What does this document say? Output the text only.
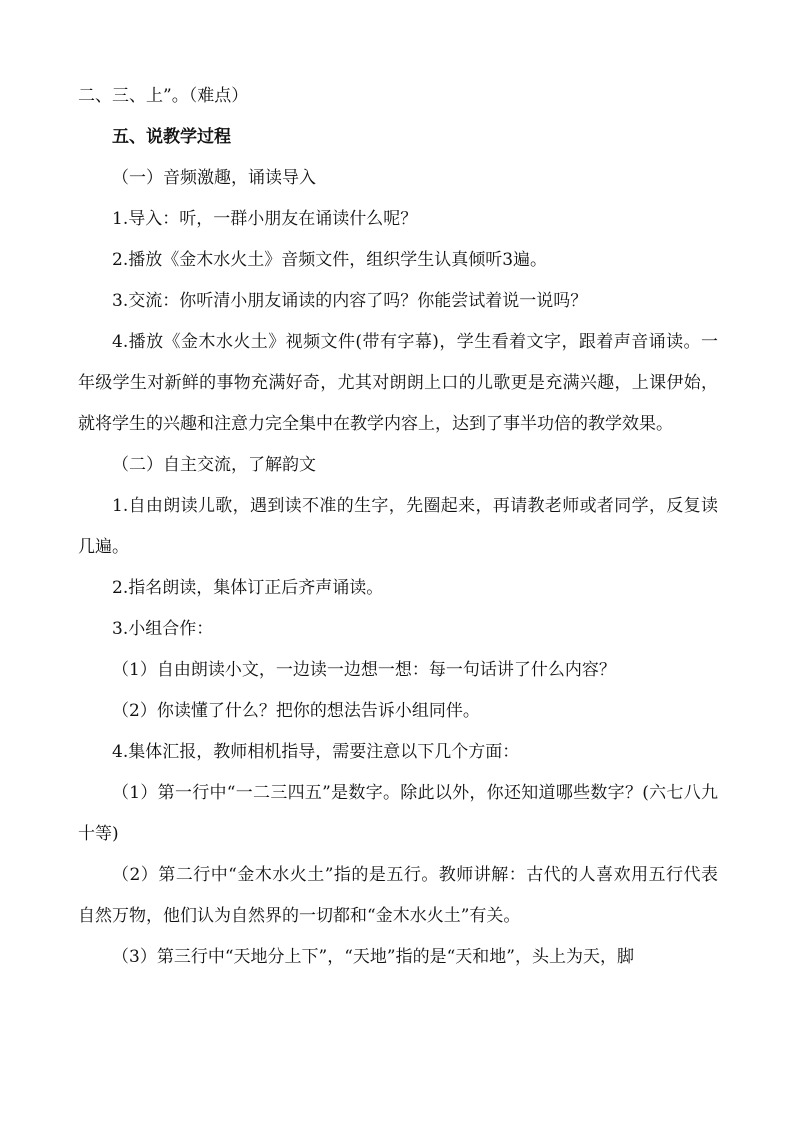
二、三、上”。（难点）

五、说教学过程

（一）音频激趣，诵读导入

1.导入：听，一群小朋友在诵读什么呢？

2.播放《金木水火土》音频文件，组织学生认真倾听3遍。

3.交流：你听清小朋友诵读的内容了吗？你能尝试着说一说吗？

4.播放《金木水火土》视频文件(带有字幕)，学生看着文字，跟着声音诵读。一年级学生对新鲜的事物充满好奇，尤其对朗朗上口的儿歌更是充满兴趣，上课伊始，就将学生的兴趣和注意力完全集中在教学内容上，达到了事半功倍的教学效果。

（二）自主交流，了解韵文

1.自由朗读儿歌，遇到读不准的生字，先圈起来，再请教老师或者同学，反复读几遍。

2.指名朗读，集体订正后齐声诵读。

3.小组合作：

（1）自由朗读小文，一边读一边想一想：每一句话讲了什么内容？

（2）你读懂了什么？把你的想法告诉小组同伴。

4.集体汇报，教师相机指导，需要注意以下几个方面：

（1）第一行中“一二三四五”是数字。除此以外，你还知道哪些数字？(六七八九十等)

（2）第二行中“金木水火土”指的是五行。教师讲解：古代的人喜欢用五行代表自然万物，他们认为自然界的一切都和“金木水火土”有关。

（3）第三行中“天地分上下”，“天地”指的是“天和地”，头上为天，脚
